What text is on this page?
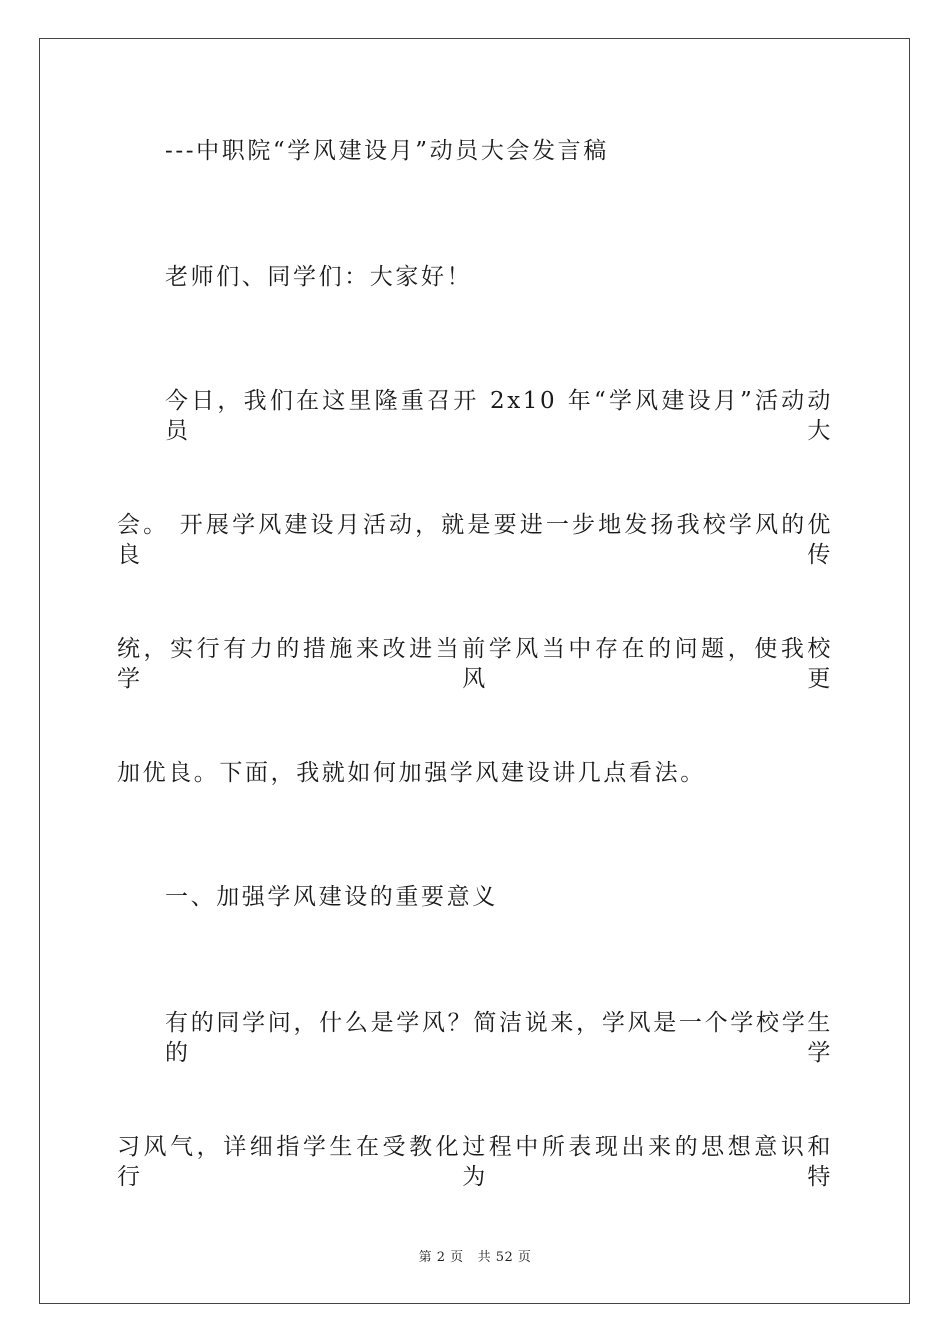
---中职院“学风建设月”动员大会发言稿
老师们、同学们：大家好！
今日，我们在这里隆重召开 2x10 年“学风建设月”活动动员大
会。 开展学风建设月活动，就是要进一步地发扬我校学风的优良传
统，实行有力的措施来改进当前学风当中存在的问题，使我校学风更
加优良。下面，我就如何加强学风建设讲几点看法。
一、加强学风建设的重要意义
有的同学问，什么是学风？简洁说来，学风是一个学校学生的学
习风气，详细指学生在受教化过程中所表现出来的思想意识和行为特
第 2 页 共 52 页
